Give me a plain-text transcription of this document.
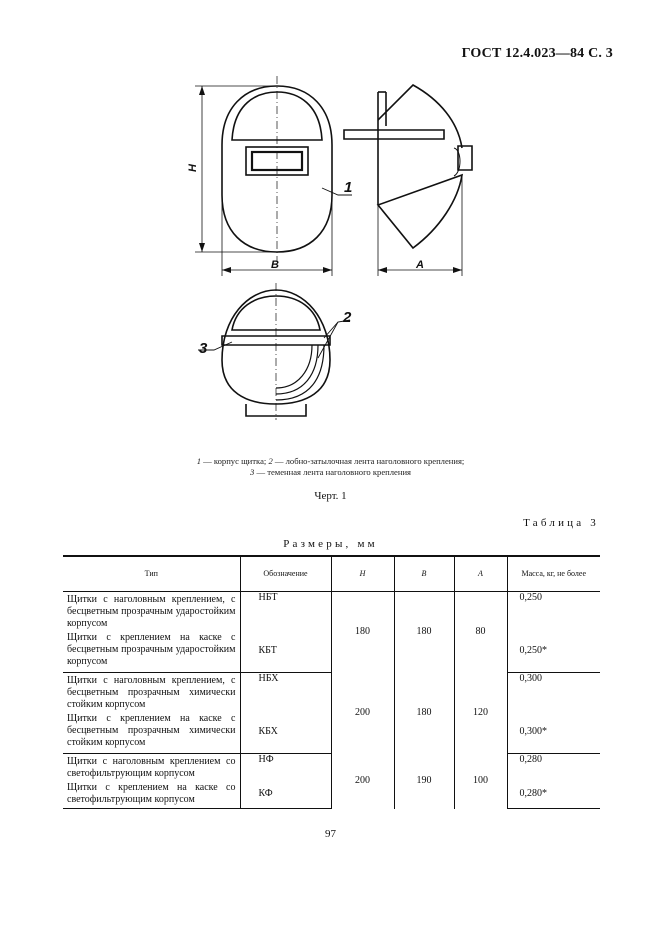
ГОСТ 12.4.023—84 С. 3
H
B
1
A
2
3
1 — корпус щитка; 2 — лобно-затылочная лента наголовного крепления;
3 — теменная лента наголовного крепления
Черт. 1
Таблица 3
Размеры, мм
Тип	Обозначение	H	B	A	Масса, кг, не более
Щитки с наголовным креплением, с бесцветным прозрачным ударостойким корпусом	НБТ	180	180	80	0,250
Щитки с креплением на каске с бесцветным прозрачным ударостойким корпусом	КБТ				0,250*
Щитки с наголовным креплением, с бесцветным прозрачным химически стойким корпусом	НБХ	200	180	120	0,300
Щитки с креплением на каске с бесцветным прозрачным химически стойким корпусом	КБХ				0,300*
Щитки с наголовным креплением со светофильтрующим корпусом	НФ	200	190	100	0,280
Щитки с креплением на каске со светофильтрующим корпусом	КФ				0,280*
97
